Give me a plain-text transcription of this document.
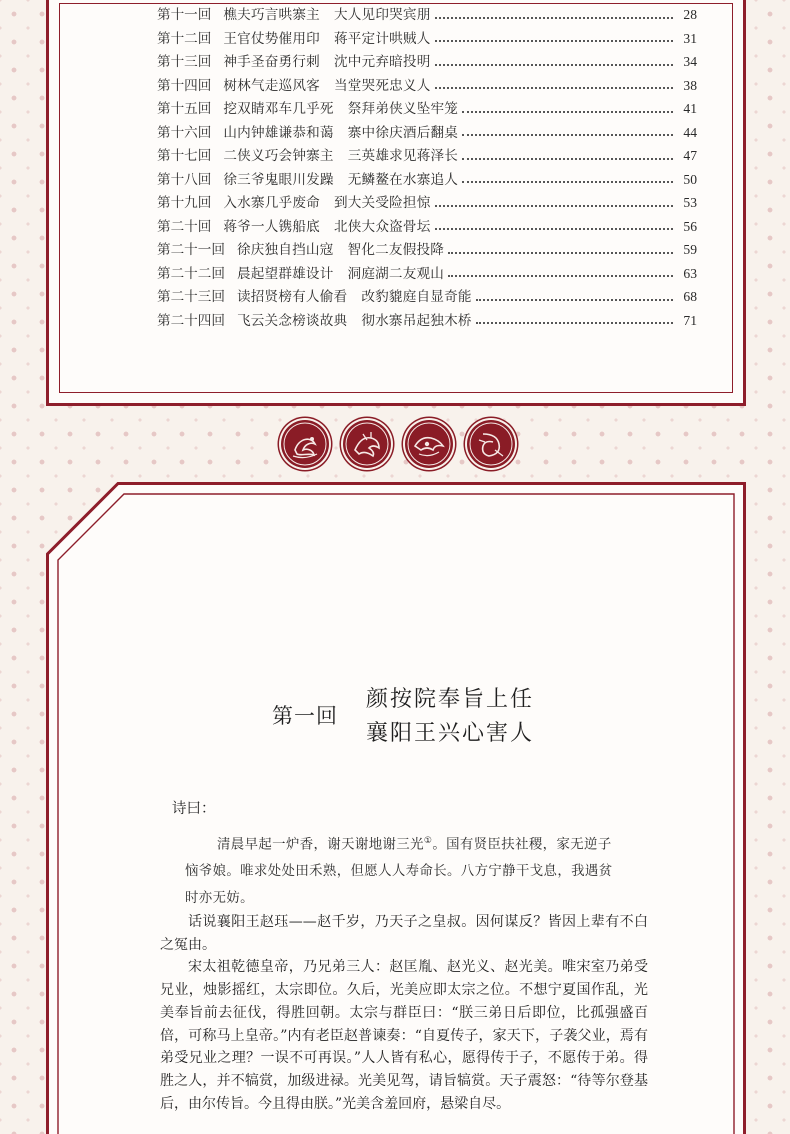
第十一回 樵夫巧言哄寨主 大人见印哭宾朋	28
第十二回 王官仗势催用印 蒋平定计哄贼人	31
第十三回 神手圣奋勇行刺 沈中元弃暗投明	34
第十四回 树林气走巡风客 当堂哭死忠义人	38
第十五回 挖双睛邓车几乎死 祭拜弟侠义坠牢笼	41
第十六回 山内钟雄谦恭和蔼 寨中徐庆酒后翻桌	44
第十七回 二侠义巧会钟寨主 三英雄求见蒋泽长	47
第十八回 徐三爷鬼眼川发躁 无鳞鳌在水寨追人	50
第十九回 入水寨几乎废命 到大关受险担惊	53
第二十回 蒋爷一人镌船底 北侠大众盗骨坛	56
第二十一回 徐庆独自挡山寇 智化二友假投降	59
第二十二回 晨起望群雄设计 洞庭湖二友观山	63
第二十三回 读招贤榜有人偷看 改豹貔庭自显奇能	68
第二十四回 飞云关念榜谈故典 彻水寨吊起独木桥	71
第一回
颜按院奉旨上任
襄阳王兴心害人
诗曰：

清晨早起一炉香，谢天谢地谢三光①。国有贤臣扶社稷，家无逆子恼爷娘。唯求处处田禾熟，但愿人人寿命长。八方宁静干戈息，我遇贫时亦无妨。

话说襄阳王赵珏——赵千岁，乃天子之皇叔。因何谋反？皆因上辈有不白之冤由。

宋太祖乾德皇帝，乃兄弟三人：赵匡胤、赵光义、赵光美。唯宋室乃弟受兄业，烛影摇红，太宗即位。久后，光美应即太宗之位。不想宁夏国作乱，光美奉旨前去征伐，得胜回朝。太宗与群臣曰：“朕三弟日后即位，比孤强盛百倍，可称马上皇帝。”内有老臣赵普谏奏：“自夏传子，家天下，子袭父业，焉有弟受兄业之理？一误不可再误。”人人皆有私心，愿得传于子，不愿传于弟。得胜之人，并不犒赏，加级进禄。光美见驾，请旨犒赏。天子震怒：“待等尔登基后，由尔传旨。今且得由朕。”光美含羞回府，悬梁自尽。
